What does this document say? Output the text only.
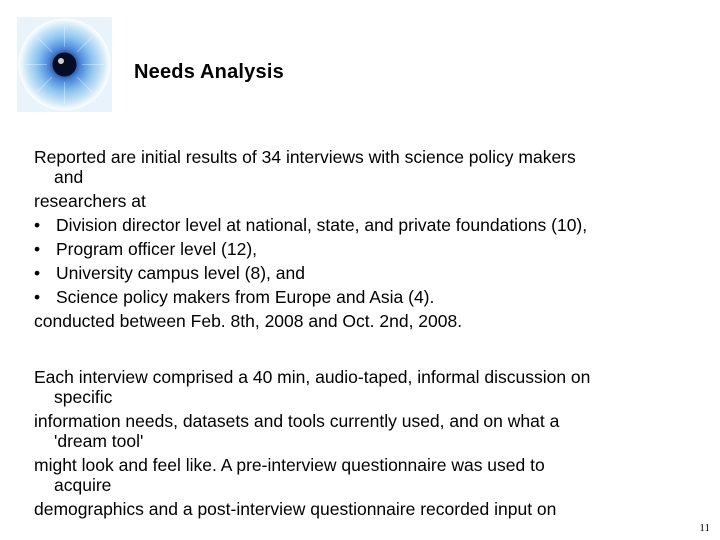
Needs Analysis
Reported are initial results of 34 interviews with science policy makers
and
researchers at
• Division director level at national, state, and private foundations (10),
• Program officer level (12),
• University campus level (8), and
• Science policy makers from Europe and Asia (4).
conducted between Feb. 8th, 2008 and Oct. 2nd, 2008.
Each interview comprised a 40 min, audio-taped, informal discussion on
specific
information needs, datasets and tools currently used, and on what a
'dream tool'
might look and feel like. A pre-interview questionnaire was used to
acquire
demographics and a post-interview questionnaire recorded input on
11
